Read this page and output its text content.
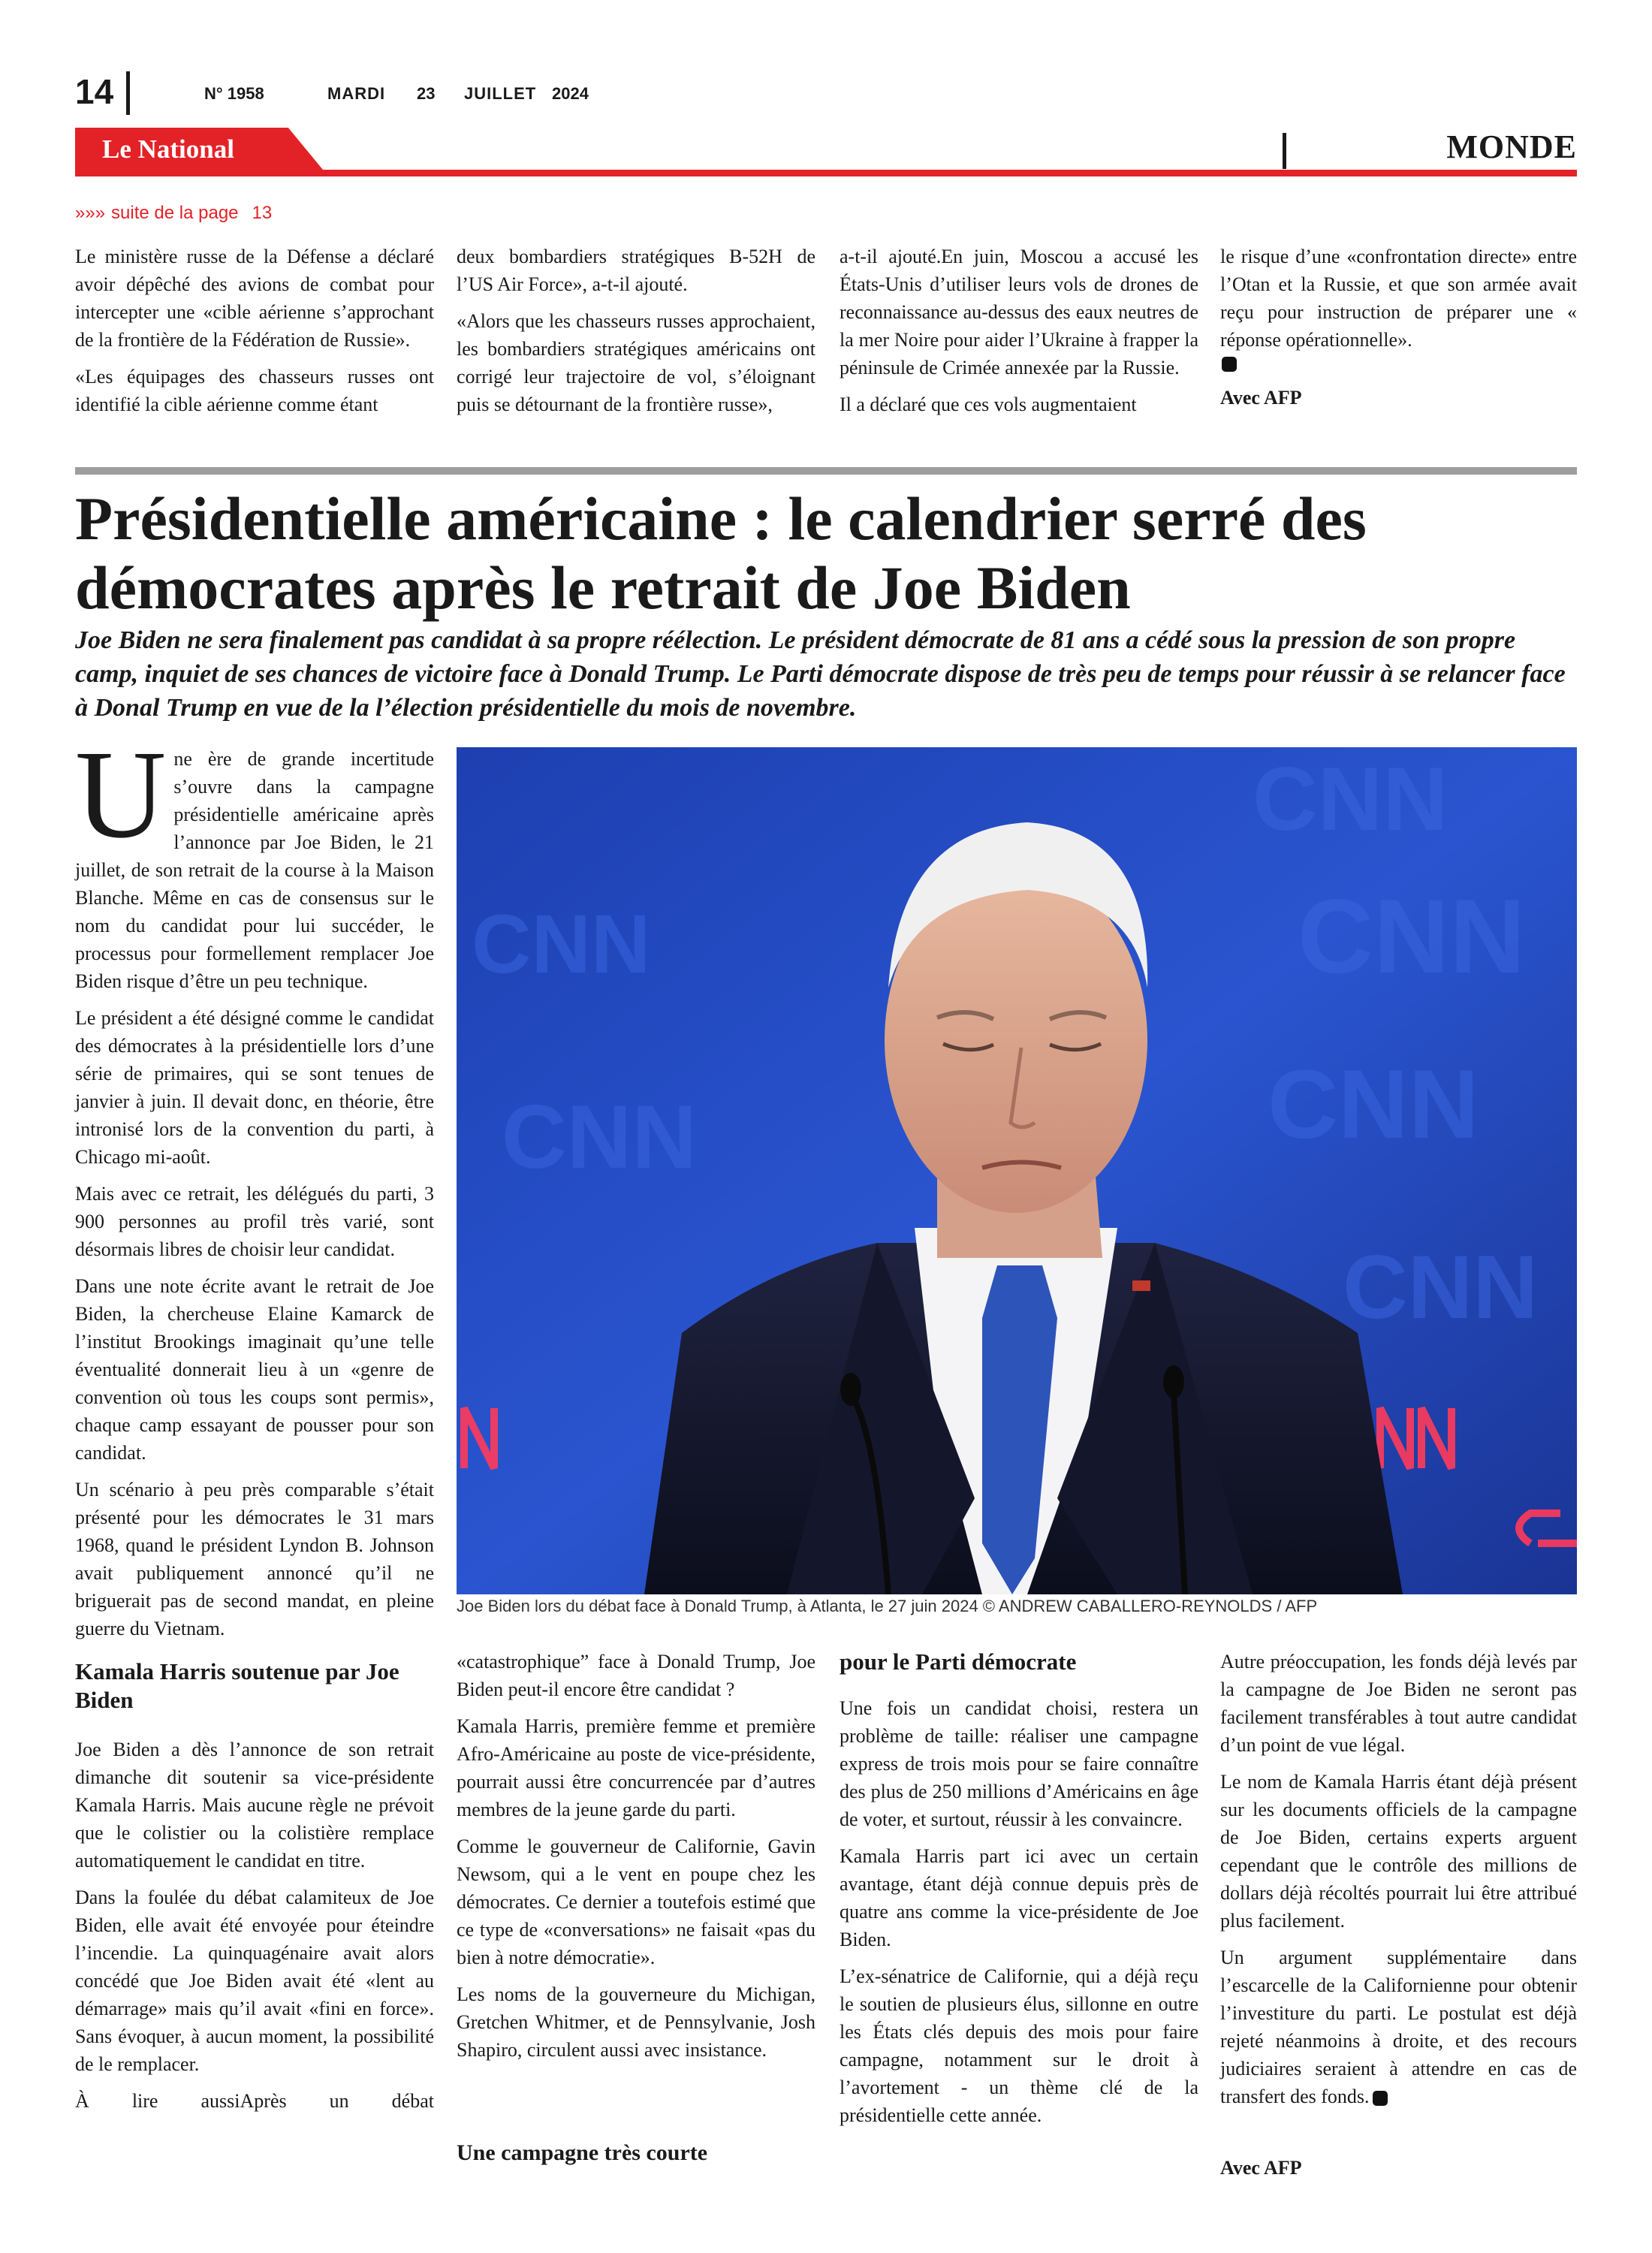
14	N° 1958	MARDI 23 JUILLET 2024
Le National	MONDE
»»» suite de la page 13

Le ministère russe de la Défense a déclaré avoir dépêché des avions de combat pour intercepter une «cible aérienne s’approchant de la frontière de la Fédération de Russie».

«Les équipages des chasseurs russes ont identifié la cible aérienne comme étant

deux bombardiers stratégiques B-52H de l’US Air Force», a-t-il ajouté.

«Alors que les chasseurs russes approchaient, les bombardiers stratégiques américains ont corrigé leur trajectoire de vol, s’éloignant puis se détournant de la frontière russe»,

a-t-il ajouté.En juin, Moscou a accusé les États-Unis d’utiliser leurs vols de drones de reconnaissance au-dessus des eaux neutres de la mer Noire pour aider l’Ukraine à frapper la péninsule de Crimée annexée par la Russie.

Il a déclaré que ces vols augmentaient

le risque d’une «confrontation directe» entre l’Otan et la Russie, et que son armée avait reçu pour instruction de préparer une « réponse opérationnelle».

Avec AFP
Présidentielle américaine : le calendrier serré des démocrates après le retrait de Joe Biden

Joe Biden ne sera finalement pas candidat à sa propre réélection. Le président démocrate de 81 ans a cédé sous la pression de son propre camp, inquiet de ses chances de victoire face à Donald Trump. Le Parti démocrate dispose de très peu de temps pour réussir à se relancer face à Donal Trump en vue de la l’élection présidentielle du mois de novembre.

Une ère de grande incertitude s’ouvre dans la campagne présidentielle américaine après l’annonce par Joe Biden, le 21 juillet, de son retrait de la course à la Maison Blanche. Même en cas de consensus sur le nom du candidat pour lui succéder, le processus pour formellement remplacer Joe Biden risque d’être un peu technique.

Le président a été désigné comme le candidat des démocrates à la présidentielle lors d’une série de primaires, qui se sont tenues de janvier à juin. Il devait donc, en théorie, être intronisé lors de la convention du parti, à Chicago mi-août.

Mais avec ce retrait, les délégués du parti, 3 900 personnes au profil très varié, sont désormais libres de choisir leur candidat.

Dans une note écrite avant le retrait de Joe Biden, la chercheuse Elaine Kamarck de l’institut Brookings imaginait qu’une telle éventualité donnerait lieu à un «genre de convention où tous les coups sont permis», chaque camp essayant de pousser pour son candidat.

Un scénario à peu près comparable s’était présenté pour les démocrates le 31 mars 1968, quand le président Lyndon B. Johnson avait publiquement annoncé qu’il ne briguerait pas de second mandat, en pleine guerre du Vietnam.

Kamala Harris soutenue par Joe Biden

Joe Biden a dès l’annonce de son retrait dimanche dit soutenir sa vice-présidente Kamala Harris. Mais aucune règle ne prévoit que le colistier ou la colistière remplace automatiquement le candidat en titre.

Dans la foulée du débat calamiteux de Joe Biden, elle avait été envoyée pour éteindre l’incendie. La quinquagénaire avait alors concédé que Joe Biden avait été «lent au démarrage» mais qu’il avait «fini en force». Sans évoquer, à aucun moment, la possibilité de le remplacer.

À lire aussiAprès un débat

CNN
CNN
CNN
CNN
CNN
CNN
Joe Biden lors du débat face à Donald Trump, à Atlanta, le 27 juin 2024 © ANDREW CABALLERO-REYNOLDS / AFP

«catastrophique” face à Donald Trump, Joe Biden peut-il encore être candidat ?

Kamala Harris, première femme et première Afro-Américaine au poste de vice-présidente, pourrait aussi être concurrencée par d’autres membres de la jeune garde du parti.

Comme le gouverneur de Californie, Gavin Newsom, qui a le vent en poupe chez les démocrates. Ce dernier a toutefois estimé que ce type de «conversations» ne faisait «pas du bien à notre démocratie».

Les noms de la gouverneure du Michigan, Gretchen Whitmer, et de Pennsylvanie, Josh Shapiro, circulent aussi avec insistance.

Une campagne très courte

pour le Parti démocrate

Une fois un candidat choisi, restera un problème de taille: réaliser une campagne express de trois mois pour se faire connaître des plus de 250 millions d’Américains en âge de voter, et surtout, réussir à les convaincre.

Kamala Harris part ici avec un certain avantage, étant déjà connue depuis près de quatre ans comme la vice-présidente de Joe Biden.

L’ex-sénatrice de Californie, qui a déjà reçu le soutien de plusieurs élus, sillonne en outre les États clés depuis des mois pour faire campagne, notamment sur le droit à l’avortement - un thème clé de la présidentielle cette année.

Autre préoccupation, les fonds déjà levés par la campagne de Joe Biden ne seront pas facilement transférables à tout autre candidat d’un point de vue légal.

Le nom de Kamala Harris étant déjà présent sur les documents officiels de la campagne de Joe Biden, certains experts arguent cependant que le contrôle des millions de dollars déjà récoltés pourrait lui être attribué plus facilement.

Un argument supplémentaire dans l’escarcelle de la Californienne pour obtenir l’investiture du parti. Le postulat est déjà rejeté néanmoins à droite, et des recours judiciaires seraient à attendre en cas de transfert des fonds.

Avec AFP
